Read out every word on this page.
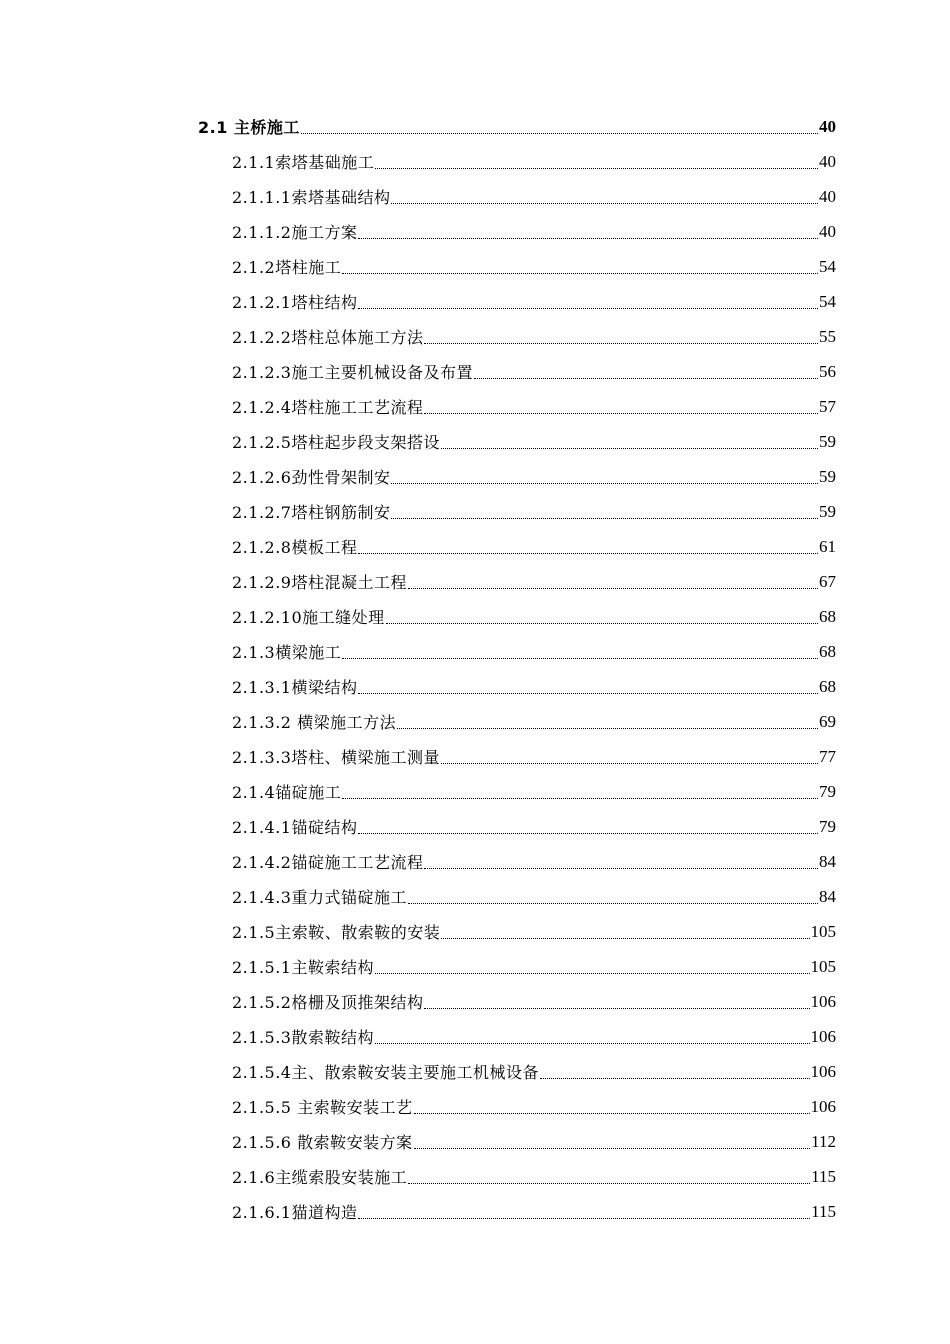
2.1 主桥施工	40
2.1.1索塔基础施工	40
2.1.1.1索塔基础结构	40
2.1.1.2施工方案	40
2.1.2塔柱施工	54
2.1.2.1塔柱结构	54
2.1.2.2塔柱总体施工方法	55
2.1.2.3施工主要机械设备及布置	56
2.1.2.4塔柱施工工艺流程	57
2.1.2.5塔柱起步段支架搭设	59
2.1.2.6劲性骨架制安	59
2.1.2.7塔柱钢筋制安	59
2.1.2.8模板工程	61
2.1.2.9塔柱混凝土工程	67
2.1.2.10施工缝处理	68
2.1.3横梁施工	68
2.1.3.1横梁结构	68
2.1.3.2 横梁施工方法	69
2.1.3.3塔柱、横梁施工测量	77
2.1.4锚碇施工	79
2.1.4.1锚碇结构	79
2.1.4.2锚碇施工工艺流程	84
2.1.4.3重力式锚碇施工	84
2.1.5主索鞍、散索鞍的安装	105
2.1.5.1主鞍索结构	105
2.1.5.2格栅及顶推架结构	106
2.1.5.3散索鞍结构	106
2.1.5.4主、散索鞍安装主要施工机械设备	106
2.1.5.5 主索鞍安装工艺	106
2.1.5.6 散索鞍安装方案	112
2.1.6主缆索股安装施工	115
2.1.6.1猫道构造	115
